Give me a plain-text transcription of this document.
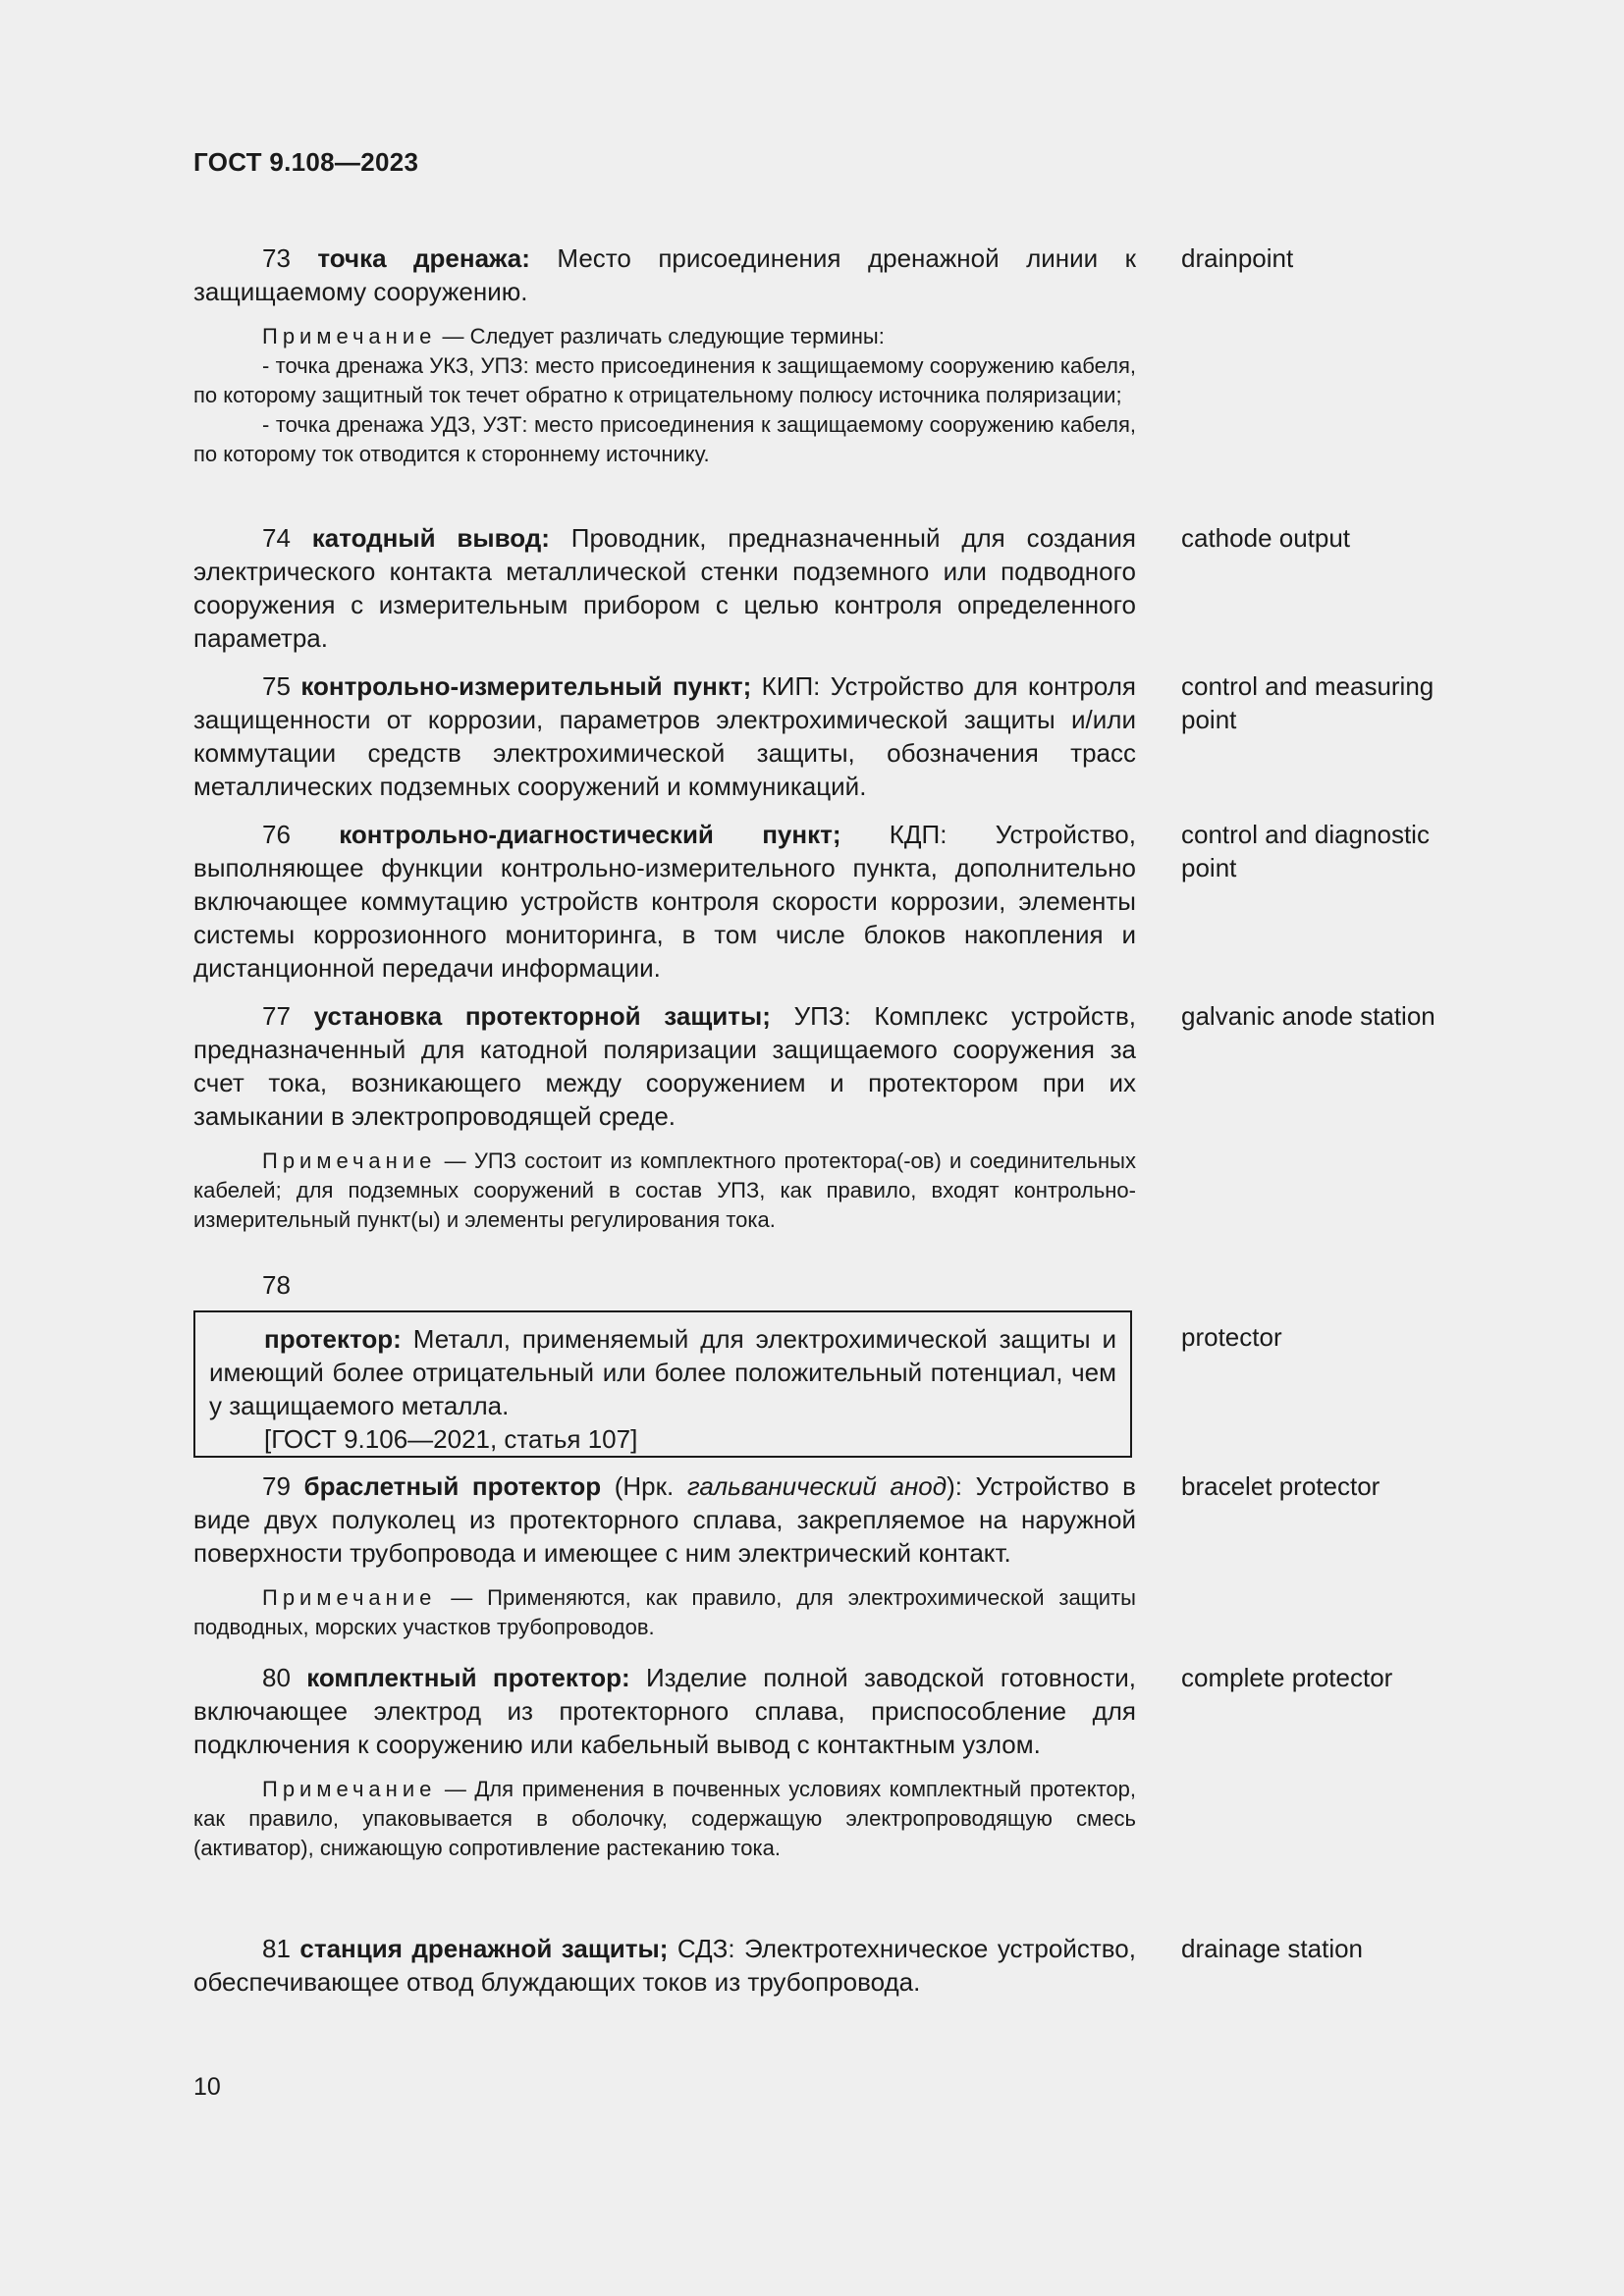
ГОСТ 9.108—2023

73 точка дренажа: Место присоединения дренажной линии к защищаемому сооружению.

Примечание — Следует различать следующие термины:

- точка дренажа УКЗ, УПЗ: место присоединения к защищаемому сооружению кабеля, по которому защитный ток течет обратно к отрицательному полюсу источника поляризации;

- точка дренажа УДЗ, УЗТ: место присоединения к защищаемому сооружению кабеля, по которому ток отводится к стороннему источнику.

drainpoint

74 катодный вывод: Проводник, предназначенный для создания электрического контакта металлической стенки подземного или подводного сооружения с измерительным прибором с целью контроля определенного параметра.

cathode output

75 контрольно-измерительный пункт; КИП: Устройство для контроля защищенности от коррозии, параметров электрохимической защиты и/или коммутации средств электрохимической защиты, обозначения трасс металлических подземных сооружений и коммуникаций.

control and measuring point

76 контрольно-диагностический пункт; КДП: Устройство, выполняющее функции контрольно-измерительного пункта, дополнительно включающее коммутацию устройств контроля скорости коррозии, элементы системы коррозионного мониторинга, в том числе блоков накопления и дистанционной передачи информации.

control and diagnostic point

77 установка протекторной защиты; УПЗ: Комплекс устройств, предназначенный для катодной поляризации защищаемого сооружения за счет тока, возникающего между сооружением и протектором при их замыкании в электропроводящей среде.

Примечание — УПЗ состоит из комплектного протектора(-ов) и соединительных кабелей; для подземных сооружений в состав УПЗ, как правило, входят контрольно-измерительный пункт(ы) и элементы регулирования тока.

galvanic anode station

78

протектор: Металл, применяемый для электрохимической защиты и имеющий более отрицательный или более положительный потенциал, чем у защищаемого металла.

[ГОСТ 9.106—2021, статья 107]

protector

79 браслетный протектор (Нрк. гальванический анод): Устройство в виде двух полуколец из протекторного сплава, закрепляемое на наружной поверхности трубопровода и имеющее с ним электрический контакт.

Примечание — Применяются, как правило, для электрохимической защиты подводных, морских участков трубопроводов.

bracelet protector

80 комплектный протектор: Изделие полной заводской готовности, включающее электрод из протекторного сплава, приспособление для подключения к сооружению или кабельный вывод с контактным узлом.

Примечание — Для применения в почвенных условиях комплектный протектор, как правило, упаковывается в оболочку, содержащую электропроводящую смесь (активатор), снижающую сопротивление растеканию тока.

complete protector

81 станция дренажной защиты; СДЗ: Электротехническое устройство, обеспечивающее отвод блуждающих токов из трубопровода.

drainage station

10
